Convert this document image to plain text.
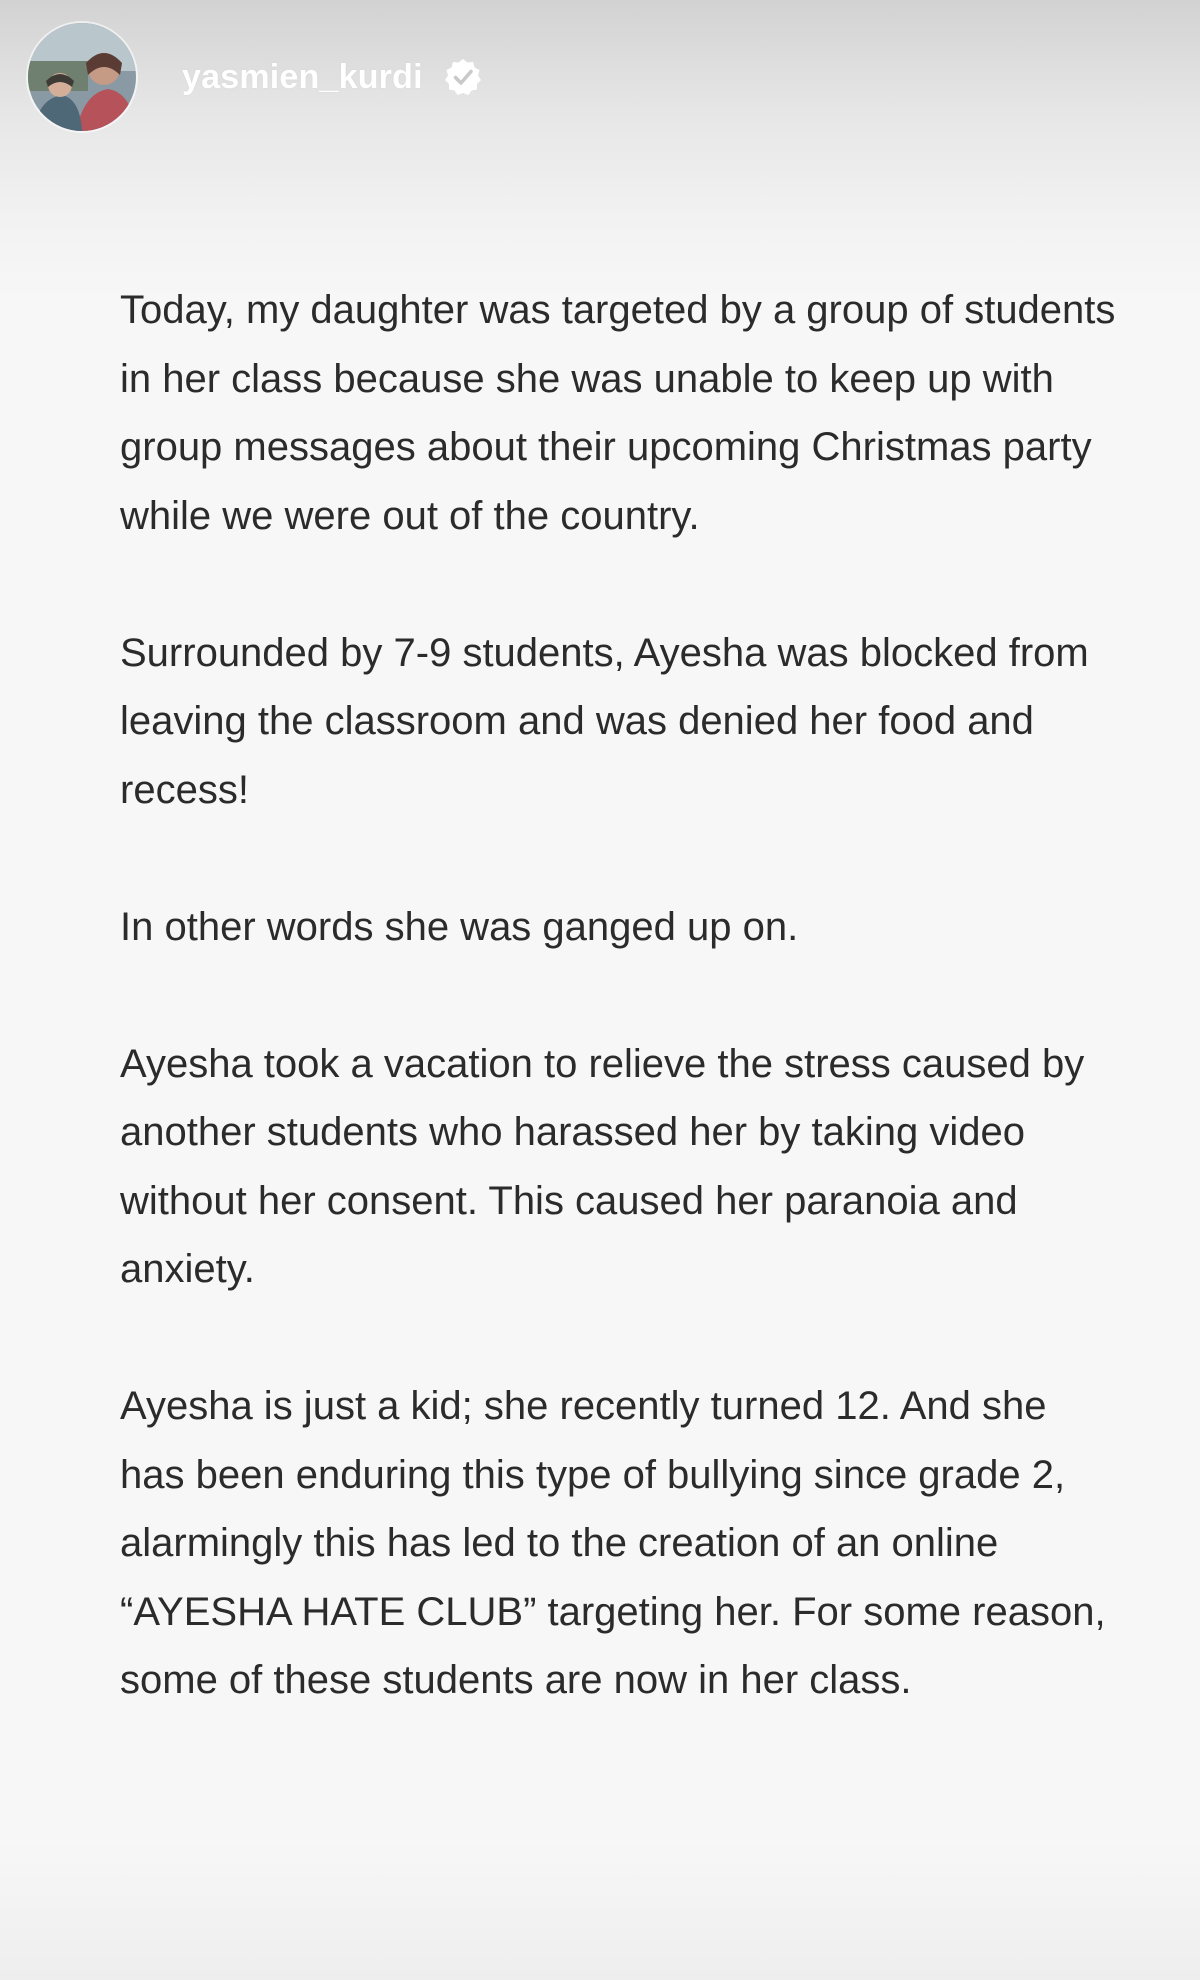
yasmien_kurdi

Today, my daughter was targeted by a group of students in her class because she was unable to keep up with group messages about their upcoming Christmas party while we were out of the country.

Surrounded by 7-9 students, Ayesha was blocked from leaving the classroom and was denied her food and recess!

In other words she was ganged up on.

Ayesha took a vacation to relieve the stress caused by another students who harassed her by taking video without her consent. This caused her paranoia and anxiety.

Ayesha is just a kid; she recently turned 12. And she has been enduring this type of bullying since grade 2, alarmingly this has led to the creation of an online “AYESHA HATE CLUB” targeting her. For some reason, some of these students are now in her class.
